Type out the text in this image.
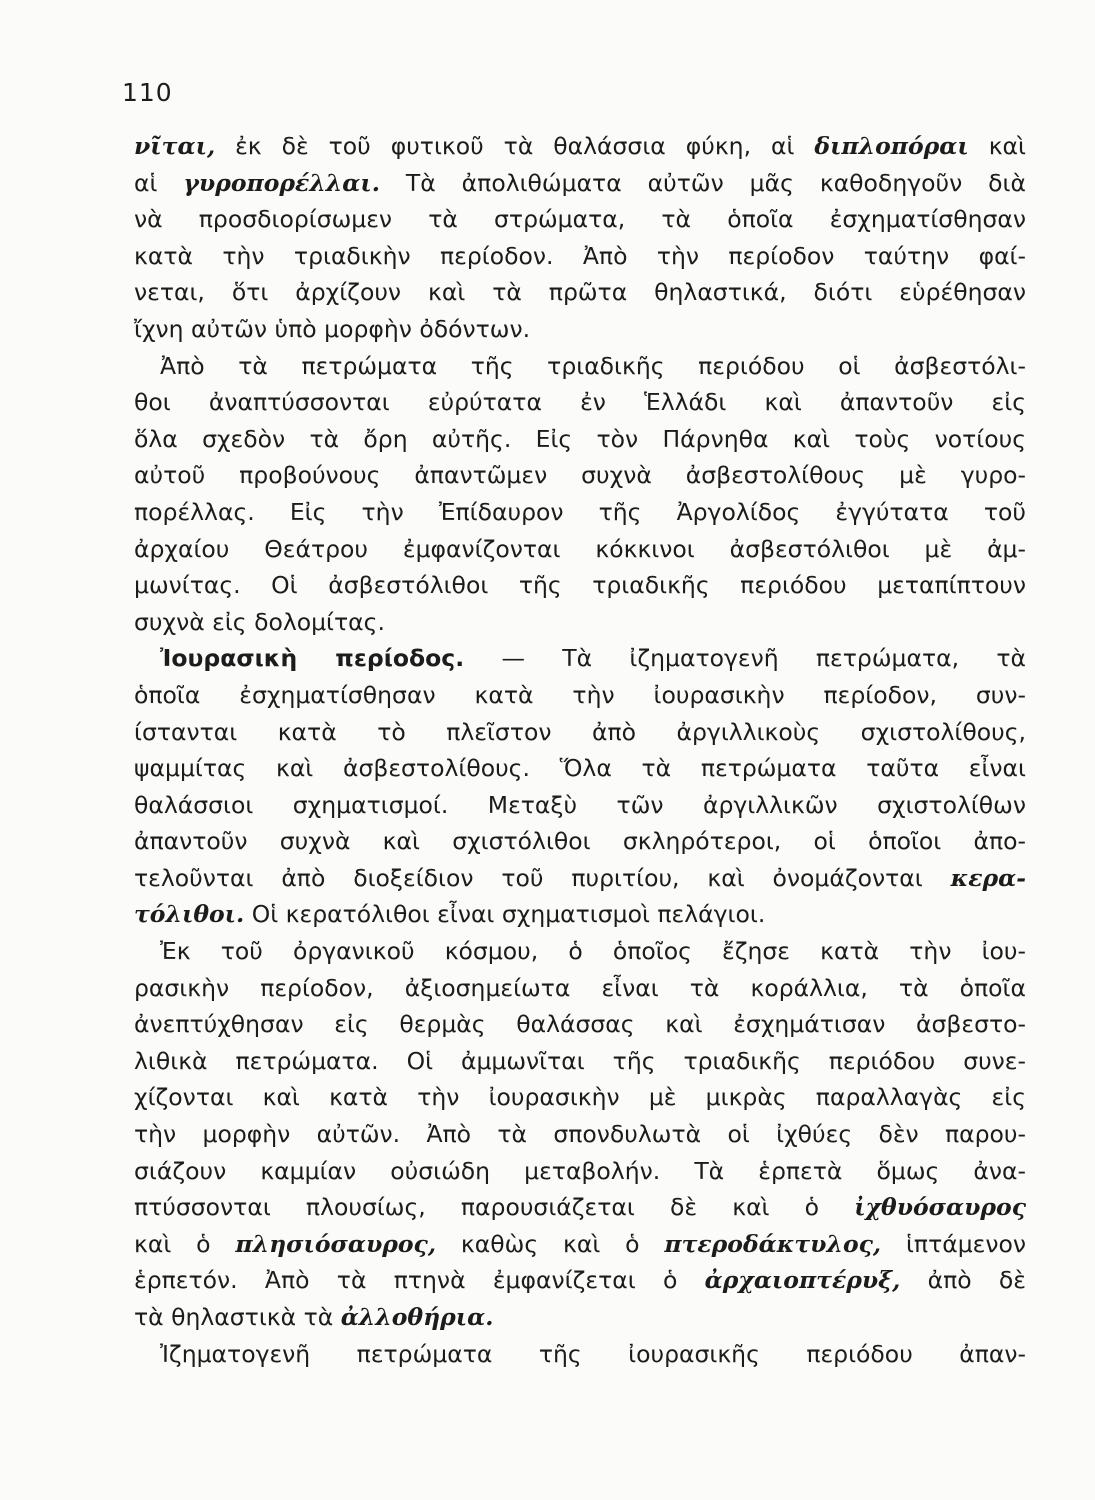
110
νῖται, ἐκ δὲ τοῦ φυτικοῦ τὰ θαλάσσια φύκη, αἱ διπλοπόραι καὶ
αἱ γυροπορέλλαι. Τὰ ἀπολιθώματα αὐτῶν μᾶς καθοδηγοῦν διὰ
νὰ προσδιορίσωμεν τὰ στρώματα, τὰ ὁποῖα ἐσχηματίσθησαν
κατὰ τὴν τριαδικὴν περίοδον. Ἀπὸ τὴν περίοδον ταύτην φαί-
νεται, ὅτι ἀρχίζουν καὶ τὰ πρῶτα θηλαστικά, διότι εὑρέθησαν
ἴχνη αὐτῶν ὑπὸ μορφὴν ὀδόντων.
Ἀπὸ τὰ πετρώματα τῆς τριαδικῆς περιόδου οἱ ἀσβεστόλι-
θοι ἀναπτύσσονται εὐρύτατα ἐν Ἑλλάδι καὶ ἀπαντοῦν εἰς
ὅλα σχεδὸν τὰ ὄρη αὐτῆς. Εἰς τὸν Πάρνηθα καὶ τοὺς νοτίους
αὐτοῦ προβούνους ἀπαντῶμεν συχνὰ ἀσβεστολίθους μὲ γυρο-
πορέλλας. Εἰς τὴν Ἐπίδαυρον τῆς Ἀργολίδος ἐγγύτατα τοῦ
ἀρχαίου Θεάτρου ἐμφανίζονται κόκκινοι ἀσβεστόλιθοι μὲ ἀμ-
μωνίτας. Οἱ ἀσβεστόλιθοι τῆς τριαδικῆς περιόδου μεταπίπτουν
συχνὰ εἰς δολομίτας.
Ἰουρασικὴ περίοδος. — Τὰ ἰζηματογενῆ πετρώματα, τὰ
ὁποῖα ἐσχηματίσθησαν κατὰ τὴν ἰουρασικὴν περίοδον, συν-
ίστανται κατὰ τὸ πλεῖστον ἀπὸ ἀργιλλικοὺς σχιστολίθους,
ψαμμίτας καὶ ἀσβεστολίθους. Ὅλα τὰ πετρώματα ταῦτα εἶναι
θαλάσσιοι σχηματισμοί. Μεταξὺ τῶν ἀργιλλικῶν σχιστολίθων
ἀπαντοῦν συχνὰ καὶ σχιστόλιθοι σκληρότεροι, οἱ ὁποῖοι ἀπο-
τελοῦνται ἀπὸ διοξείδιον τοῦ πυριτίου, καὶ ὀνομάζονται κερα-
τόλιθοι. Οἱ κερατόλιθοι εἶναι σχηματισμοὶ πελάγιοι.
Ἐκ τοῦ ὀργανικοῦ κόσμου, ὁ ὁποῖος ἔζησε κατὰ τὴν ἰου-
ρασικὴν περίοδον, ἀξιοσημείωτα εἶναι τὰ κοράλλια, τὰ ὁποῖα
ἀνεπτύχθησαν εἰς θερμὰς θαλάσσας καὶ ἐσχημάτισαν ἀσβεστο-
λιθικὰ πετρώματα. Οἱ ἀμμωνῖται τῆς τριαδικῆς περιόδου συνε-
χίζονται καὶ κατὰ τὴν ἰουρασικὴν μὲ μικρὰς παραλλαγὰς εἰς
τὴν μορφὴν αὐτῶν. Ἀπὸ τὰ σπονδυλωτὰ οἱ ἰχθύες δὲν παρου-
σιάζουν καμμίαν οὐσιώδη μεταβολήν. Τὰ ἑρπετὰ ὅμως ἀνα-
πτύσσονται πλουσίως, παρουσιάζεται δὲ καὶ ὁ ἰχθυόσαυρος
καὶ ὁ πλησιόσαυρος, καθὼς καὶ ὁ πτεροδάκτυλος, ἱπτάμενον
ἑρπετόν. Ἀπὸ τὰ πτηνὰ ἐμφανίζεται ὁ ἀρχαιοπτέρυξ, ἀπὸ δὲ
τὰ θηλαστικὰ τὰ ἀλλοθήρια.
Ἰζηματογενῆ πετρώματα τῆς ἰουρασικῆς περιόδου ἀπαν-
